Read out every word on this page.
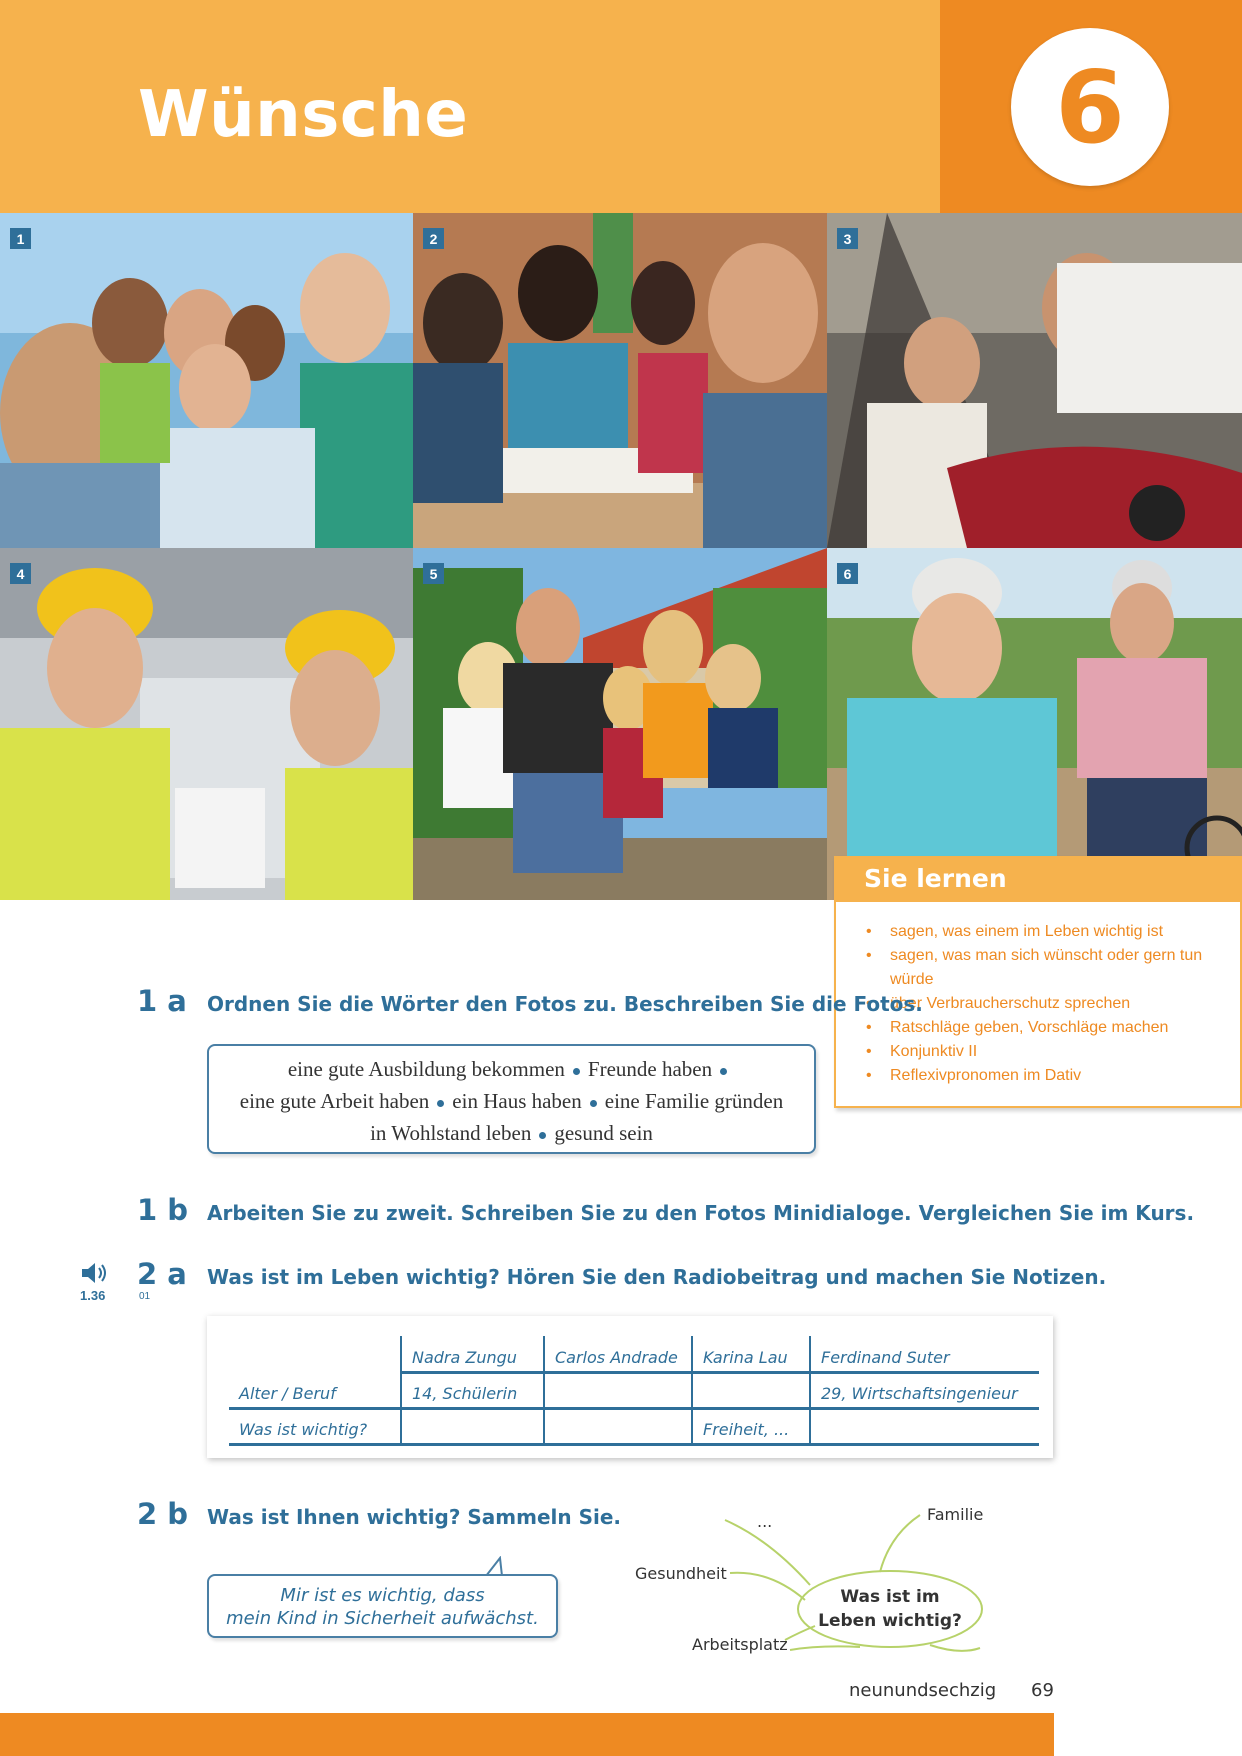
Wünsche	6
1	2	3
4	5	6
Sie lernen
• sagen, was einem im Leben wichtig ist
• sagen, was man sich wünscht oder gern tun würde
• über Verbraucherschutz sprechen
• Ratschläge geben, Vorschläge machen
• Konjunktiv II
• Reflexivpronomen im Dativ
1 a Ordnen Sie die Wörter den Fotos zu. Beschreiben Sie die Fotos.
eine gute Ausbildung bekommen Freunde haben
eine gute Arbeit haben ein Haus haben eine Familie gründen
in Wohlstand leben gesund sein
1 b Arbeiten Sie zu zweit. Schreiben Sie zu den Fotos Minidialoge. Vergleichen Sie im Kurs.
1.36	01
2 a Was ist im Leben wichtig? Hören Sie den Radiobeitrag und machen Sie Notizen.
	Nadra Zungu	Carlos Andrade	Karina Lau	Ferdinand Suter
Alter / Beruf	14, Schülerin			29, Wirtschaftsingenieur
Was ist wichtig?			Freiheit, ...	
2 b Was ist Ihnen wichtig? Sammeln Sie.
Mir ist es wichtig, dass
mein Kind in Sicherheit aufwächst.
...	Familie
Gesundheit
Arbeitsplatz
Was ist im
Leben wichtig?
neunundsechzig 69
